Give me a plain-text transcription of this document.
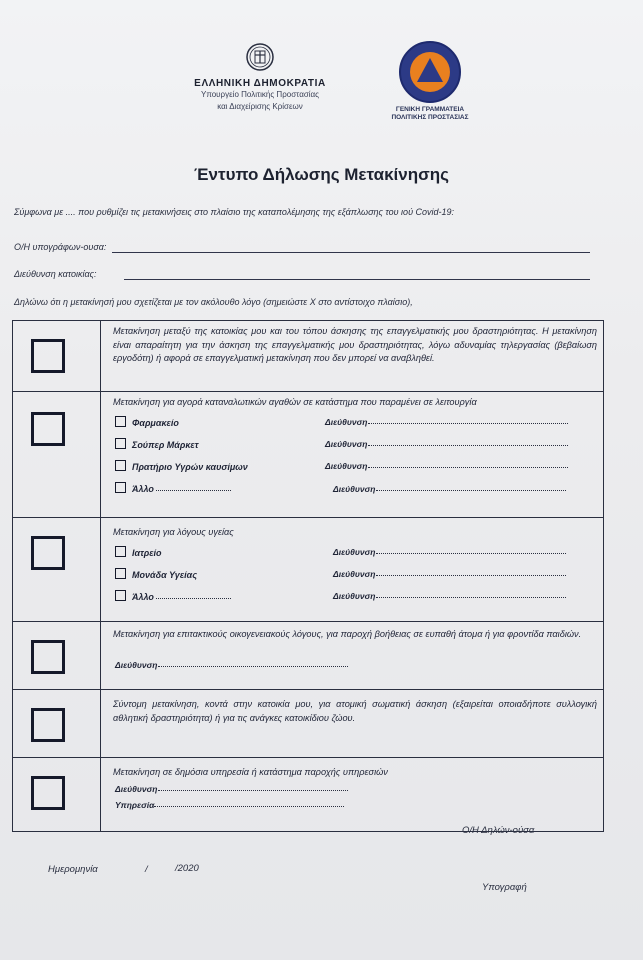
ΕΛΛΗΝΙΚΗ ΔΗΜΟΚΡΑΤΙΑ
Υπουργείο Πολιτικής Προστασίας
και Διαχείρισης Κρίσεων	ΓΕΝΙΚΗ ΓΡΑΜΜΑΤΕΙΑ
ΠΟΛΙΤΙΚΗΣ ΠΡΟΣΤΑΣΙΑΣ
Έντυπο Δήλωσης Μετακίνησης
Σύμφωνα με .... που ρυθμίζει τις μετακινήσεις στο πλαίσιο της καταπολέμησης της εξάπλωσης του ιού Covid-19:
Ο/Η υπογράφων-ουσα:
Διεύθυνση κατοικίας:
Δηλώνω ότι η μετακίνησή μου σχετίζεται με τον ακόλουθο λόγο (σημειώστε Χ στο αντίστοιχο πλαίσιο),
Μετακίνηση μεταξύ της κατοικίας μου και του τόπου άσκησης της επαγγελματικής μου δραστηριότητας. Η μετακίνηση είναι απαραίτητη για την άσκηση της επαγγελματικής μου δραστηριότητας, λόγω αδυναμίας τηλεργασίας (βεβαίωση εργοδότη) ή αφορά σε επαγγελματική μετακίνηση που δεν μπορεί να αναβληθεί.
Μετακίνηση για αγορά καταναλωτικών αγαθών σε κατάστημα που παραμένει σε λειτουργία
Φαρμακείο	Διεύθυνση
Σούπερ Μάρκετ	Διεύθυνση
Πρατήριο Υγρών καυσίμων	Διεύθυνση
Άλλο	Διεύθυνση
Μετακίνηση για λόγους υγείας
Ιατρείο	Διεύθυνση
Μονάδα Υγείας	Διεύθυνση
Άλλο	Διεύθυνση
Μετακίνηση για επιτακτικούς οικογενειακούς λόγους, για παροχή βοήθειας σε ευπαθή άτομα ή για φροντίδα παιδιών.
Διεύθυνση
Σύντομη μετακίνηση, κοντά στην κατοικία μου, για ατομική σωματική άσκηση (εξαιρείται οποιαδήποτε συλλογική αθλητική δραστηριότητα) ή για τις ανάγκες κατοικίδιου ζώου.
Μετακίνηση σε δημόσια υπηρεσία ή κατάστημα παροχής υπηρεσιών
Διεύθυνση
Υπηρεσία
Ο/Η Δηλών-ούσα
Ημερομηνία	/	/2020
Υπογραφή
